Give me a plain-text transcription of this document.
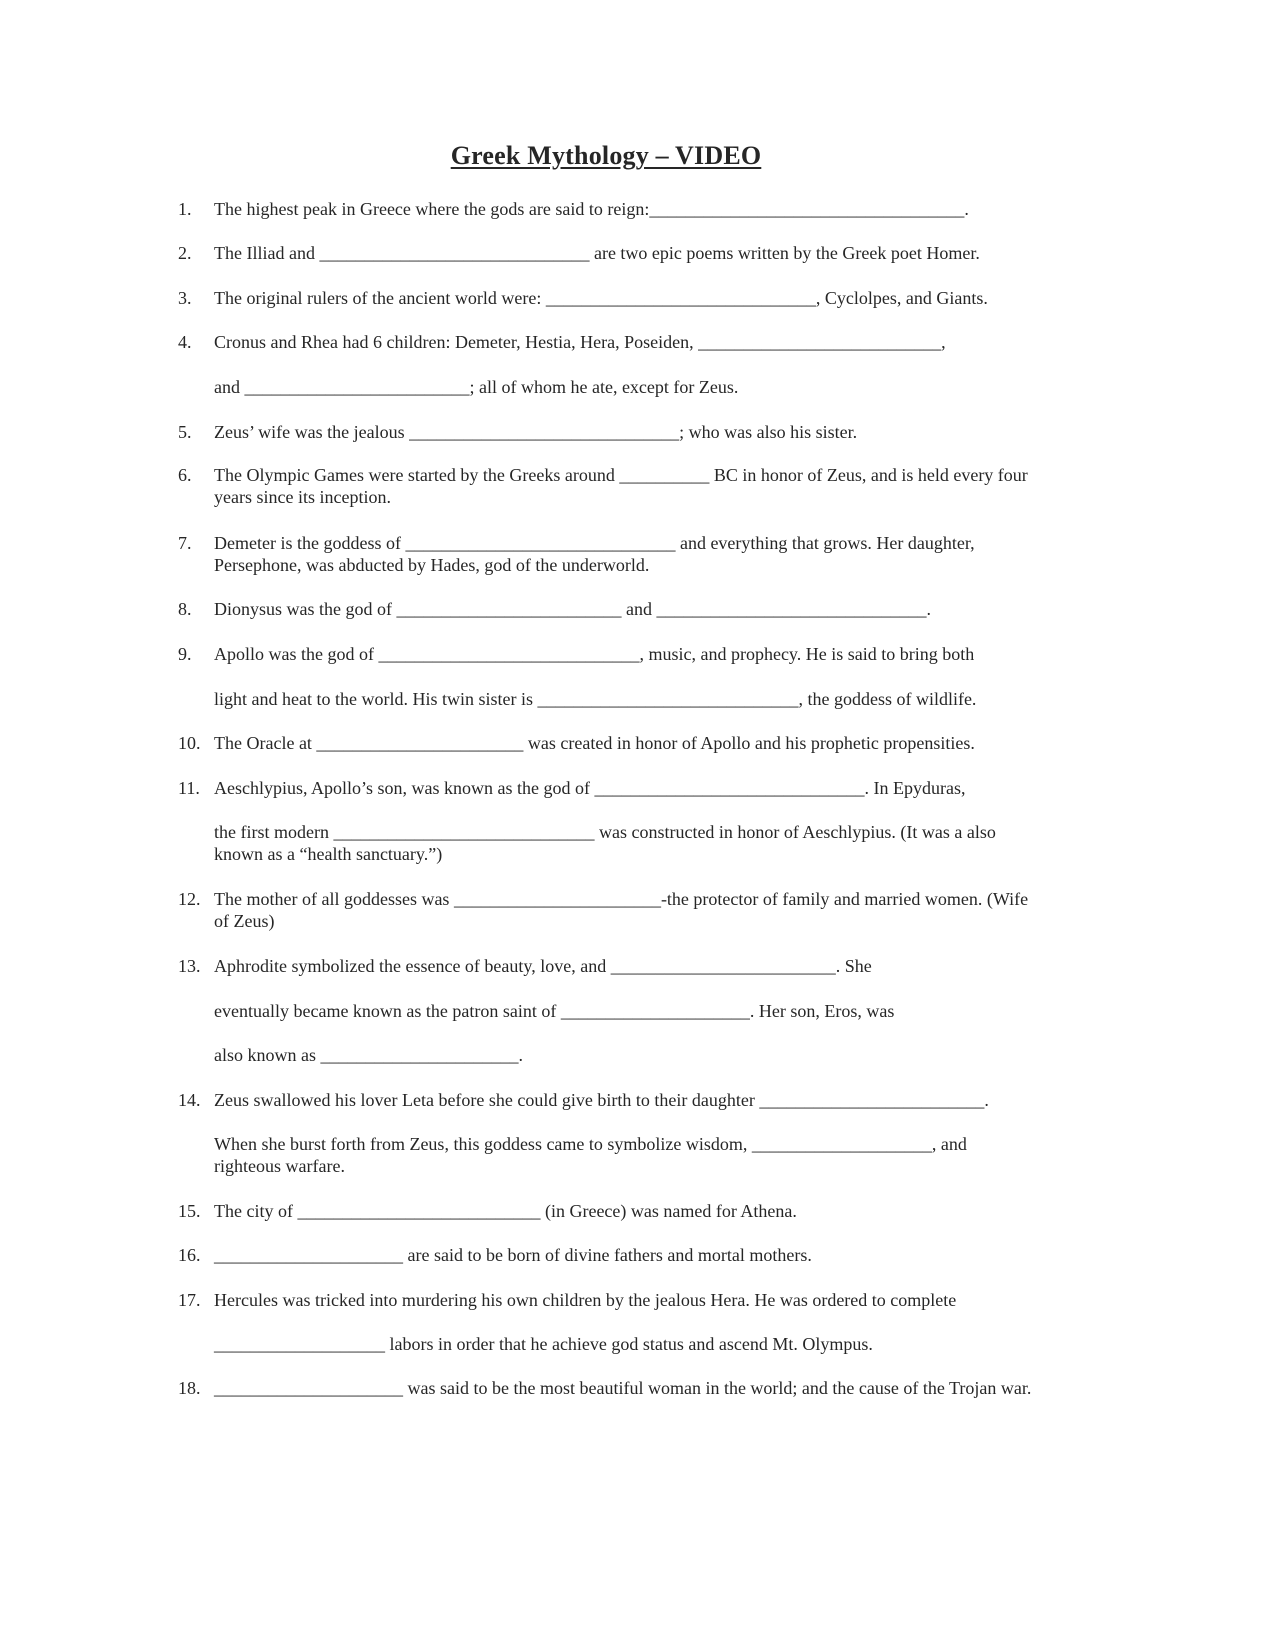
Greek Mythology – VIDEO
1. The highest peak in Greece where the gods are said to reign:___________________________________.
2. The Illiad and ______________________________ are two epic poems written by the Greek poet Homer.
3. The original rulers of the ancient world were: ______________________________, Cyclolpes, and Giants.
4. Cronus and Rhea had 6 children: Demeter, Hestia, Hera, Poseiden, ___________________________,
and _________________________; all of whom he ate, except for Zeus.
5. Zeus’ wife was the jealous ______________________________; who was also his sister.
6. The Olympic Games were started by the Greeks around __________ BC in honor of Zeus, and is held every four years since its inception.
7. Demeter is the goddess of ______________________________ and everything that grows. Her daughter, Persephone, was abducted by Hades, god of the underworld.
8. Dionysus was the god of _________________________ and ______________________________.
9. Apollo was the god of _____________________________, music, and prophecy. He is said to bring both
light and heat to the world. His twin sister is _____________________________, the goddess of wildlife.
10. The Oracle at _______________________ was created in honor of Apollo and his prophetic propensities.
11. Aeschlypius, Apollo’s son, was known as the god of ______________________________. In Epyduras,
the first modern _____________________________ was constructed in honor of Aeschlypius. (It was a also known as a “health sanctuary.”)
12. The mother of all goddesses was _______________________-the protector of family and married women. (Wife of Zeus)
13. Aphrodite symbolized the essence of beauty, love, and _________________________. She
eventually became known as the patron saint of _____________________. Her son, Eros, was
also known as ______________________.
14. Zeus swallowed his lover Leta before she could give birth to their daughter _________________________.
When she burst forth from Zeus, this goddess came to symbolize wisdom, ____________________, and righteous warfare.
15. The city of ___________________________ (in Greece) was named for Athena.
16. _____________________ are said to be born of divine fathers and mortal mothers.
17. Hercules was tricked into murdering his own children by the jealous Hera. He was ordered to complete
___________________ labors in order that he achieve god status and ascend Mt. Olympus.
18. _____________________ was said to be the most beautiful woman in the world; and the cause of the Trojan war.
